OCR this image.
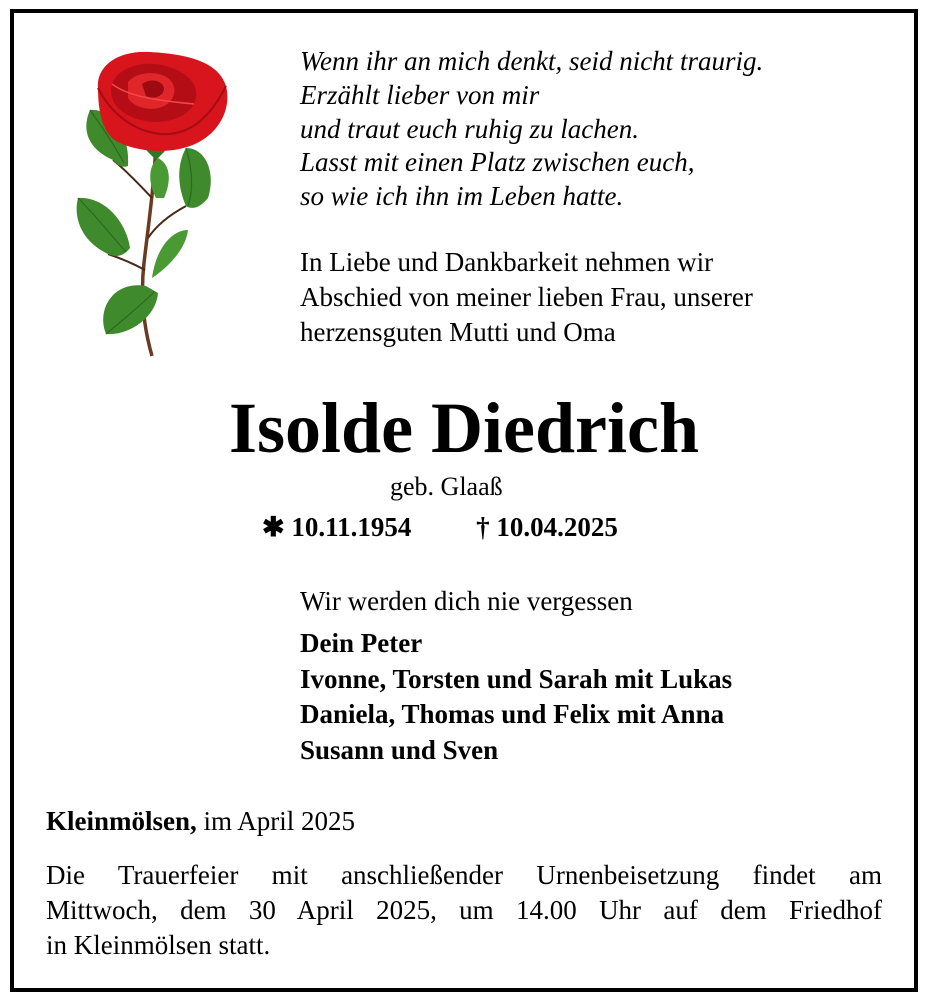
Wenn ihr an mich denkt, seid nicht traurig.
Erzählt lieber von mir
und traut euch ruhig zu lachen.
Lasst mit einen Platz zwischen euch,
so wie ich ihn im Leben hatte.

In Liebe und Dankbarkeit nehmen wir
Abschied von meiner lieben Frau, unserer
herzensguten Mutti und Oma

Isolde Diedrich
geb. Glaaß
✱ 10.11.1954 † 10.04.2025
Wir werden dich nie vergessen

Dein Peter
Ivonne, Torsten und Sarah mit Lukas
Daniela, Thomas und Felix mit Anna
Susann und Sven

Kleinmölsen, im April 2025

Die Trauerfeier mit anschließender Urnenbeisetzung findet am
Mittwoch, dem 30 April 2025, um 14.00 Uhr auf dem Friedhof
in Kleinmölsen statt.
